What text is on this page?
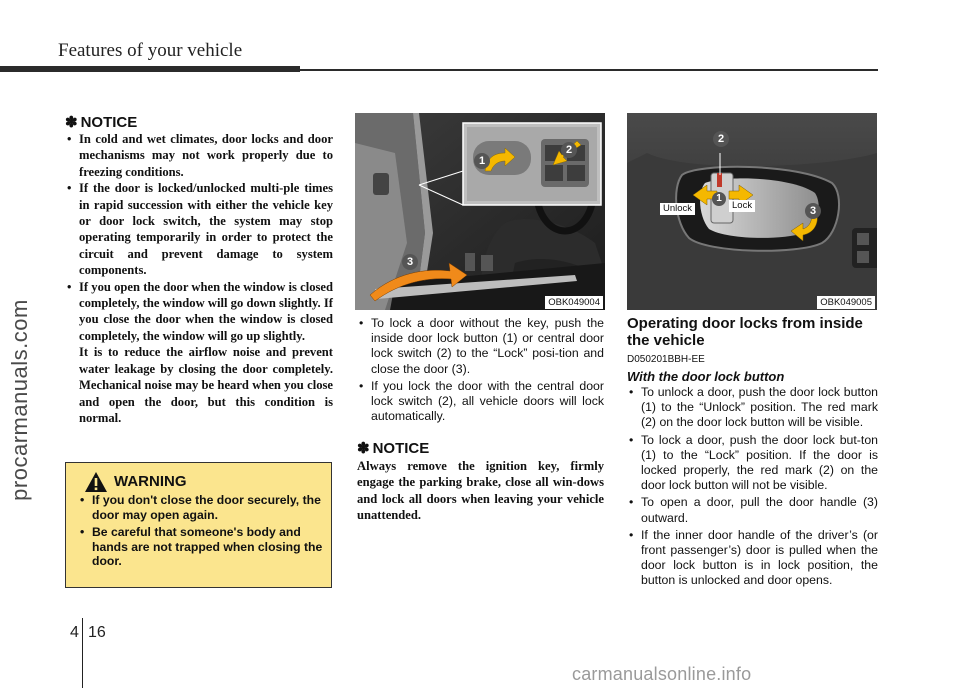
Features of your vehicle
procarmanuals.com
✽ NOTICE
• In cold and wet climates, door locks and door mechanisms may not work properly due to freezing conditions.
• If the door is locked/unlocked multi-ple times in rapid succession with either the vehicle key or door lock switch, the system may stop operating temporarily in order to protect the circuit and prevent damage to system components.
• If you open the door when the window is closed completely, the window will go down slightly. If you close the door when the window is closed completely, the window will go up slightly.
It is to reduce the airflow noise and prevent water leakage by closing the door completely. Mechanical noise may be heard when you close and open the door, but this condition is normal.
WARNING
• If you don't close the door securely, the door may open again.
• Be careful that someone's body and hands are not trapped when closing the door.
1
2
3
OBK049004
• To lock a door without the key, push the inside door lock button (1) or central door lock switch (2) to the “Lock” posi-tion and close the door (3).
• If you lock the door with the central door lock switch (2), all vehicle doors will lock automatically.
✽ NOTICE
Always remove the ignition key, firmly engage the parking brake, close all win-dows and lock all doors when leaving your vehicle unattended.
2
1
3
Unlock	Lock
OBK049005
Operating door locks from inside the vehicle
D050201BBH-EE
With the door lock button
• To unlock a door, push the door lock button (1) to the “Unlock” position. The red mark (2) on the door lock button will be visible.
• To lock a door, push the door lock but-ton (1) to the “Lock” position. If the door is locked properly, the red mark (2) on the door lock button will not be visible.
• To open a door, pull the door handle (3) outward.
• If the inner door handle of the driver’s (or front passenger’s) door is pulled when the door lock button is in lock position, the button is unlocked and door opens.
4 16
carmanualsonline.info
